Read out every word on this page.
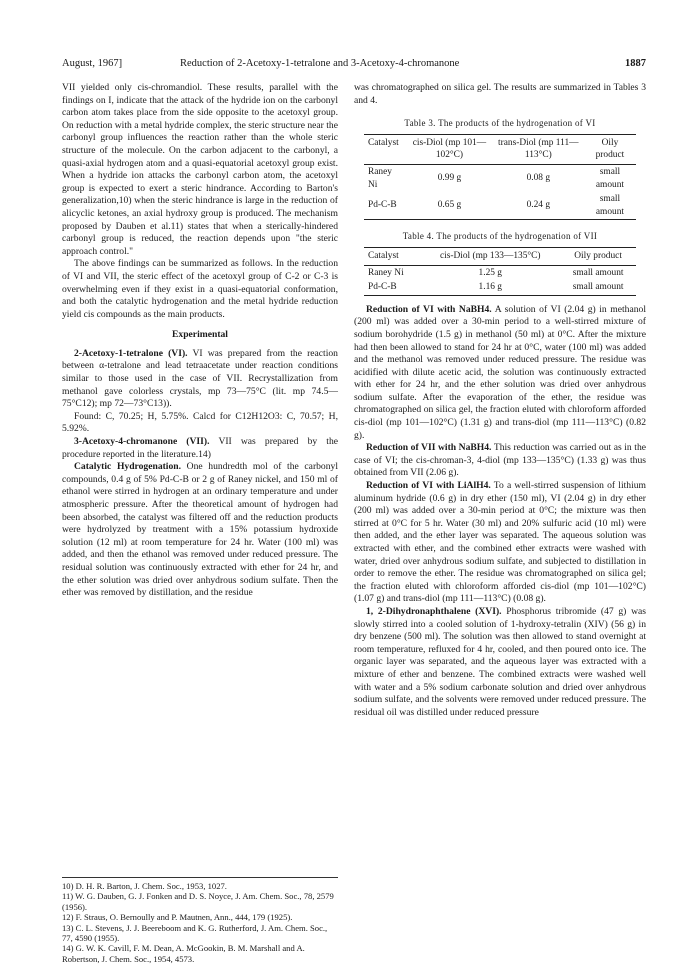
August, 1967]	Reduction of 2-Acetoxy-1-tetralone and 3-Acetoxy-4-chromanone	1887

VII yielded only cis-chromandiol. These results, parallel with the findings on I, indicate that the attack of the hydride ion on the carbonyl carbon atom takes place from the side opposite to the acetoxyl group. On reduction with a metal hydride complex, the steric structure near the carbonyl group influences the reaction rather than the whole steric structure of the molecule. On the carbon adjacent to the carbonyl, a quasi-axial hydrogen atom and a quasi-equatorial acetoxyl group exist. When a hydride ion attacks the carbonyl carbon atom, the acetoxyl group is expected to exert a steric hindrance. According to Barton's generalization,10) when the steric hindrance is large in the reduction of alicyclic ketones, an axial hydroxy group is produced. The mechanism proposed by Dauben et al.11) states that when a sterically-hindered carbonyl group is reduced, the reaction depends upon "the steric approach control."

The above findings can be summarized as follows. In the reduction of VI and VII, the steric effect of the acetoxyl group of C-2 or C-3 is overwhelming even if they exist in a quasi-equatorial conformation, and both the catalytic hydrogenation and the metal hydride reduction yield cis compounds as the main products.

Experimental

2-Acetoxy-1-tetralone (VI). VI was prepared from the reaction between α-tetralone and lead tetraacetate under reaction conditions similar to those used in the case of VII. Recrystallization from methanol gave colorless crystals, mp 73—75°C (lit. mp 74.5—75°C12); mp 72—73°C13)).

Found: C, 70.25; H, 5.75%. Calcd for C12H12O3: C, 70.57; H, 5.92%.

3-Acetoxy-4-chromanone (VII). VII was prepared by the procedure reported in the literature.14)

Catalytic Hydrogenation. One hundredth mol of the carbonyl compounds, 0.4 g of 5% Pd-C-B or 2 g of Raney nickel, and 150 ml of ethanol were stirred in hydrogen at an ordinary temperature and under atmospheric pressure. After the theoretical amount of hydrogen had been absorbed, the catalyst was filtered off and the reduction products were hydrolyzed by treatment with a 15% potassium hydroxide solution (12 ml) at room temperature for 24 hr. Water (100 ml) was added, and then the ethanol was removed under reduced pressure. The residual solution was continuously extracted with ether for 24 hr, and the ether solution was dried over anhydrous sodium sulfate. Then the ether was removed by distillation, and the residue

10) D. H. R. Barton, J. Chem. Soc., 1953, 1027.
11) W. G. Dauben, G. J. Fonken and D. S. Noyce, J. Am. Chem. Soc., 78, 2579 (1956).
12) F. Straus, O. Bernoully and P. Mautnen, Ann., 444, 179 (1925).
13) C. L. Stevens, J. J. Beereboom and K. G. Rutherford, J. Am. Chem. Soc., 77, 4590 (1955).
14) G. W. K. Cavill, F. M. Dean, A. McGookin, B. M. Marshall and A. Robertson, J. Chem. Soc., 1954, 4573.

was chromatographed on silica gel. The results are summarized in Tables 3 and 4.

Table 3. The products of the hydrogenation of VI
Catalyst	cis-Diol (mp 101—102°C)	trans-Diol (mp 111—113°C)	Oily product
Raney Ni	0.99 g	0.08 g	small amount
Pd-C-B	0.65 g	0.24 g	small amount
Table 4. The products of the hydrogenation of VII
Catalyst	cis-Diol (mp 133—135°C)	Oily product
Raney Ni	1.25 g	small amount
Pd-C-B	1.16 g	small amount

Reduction of VI with NaBH4. A solution of VI (2.04 g) in methanol (200 ml) was added over a 30-min period to a well-stirred mixture of sodium borohydride (1.5 g) in methanol (50 ml) at 0°C. After the mixture had then been allowed to stand for 24 hr at 0°C, water (100 ml) was added and the methanol was removed under reduced pressure. The residue was acidified with dilute acetic acid, the solution was continuously extracted with ether for 24 hr, and the ether solution was dried over anhydrous sodium sulfate. After the evaporation of the ether, the residue was chromatographed on silica gel, the fraction eluted with chloroform afforded cis-diol (mp 101—102°C) (1.31 g) and trans-diol (mp 111—113°C) (0.82 g).

Reduction of VII with NaBH4. This reduction was carried out as in the case of VI; the cis-chroman-3, 4-diol (mp 133—135°C) (1.33 g) was thus obtained from VII (2.06 g).

Reduction of VI with LiAlH4. To a well-stirred suspension of lithium aluminum hydride (0.6 g) in dry ether (150 ml), VI (2.04 g) in dry ether (200 ml) was added over a 30-min period at 0°C; the mixture was then stirred at 0°C for 5 hr. Water (30 ml) and 20% sulfuric acid (10 ml) were then added, and the ether layer was separated. The aqueous solution was extracted with ether, and the combined ether extracts were washed with water, dried over anhydrous sodium sulfate, and subjected to distillation in order to remove the ether. The residue was chromatographed on silica gel; the fraction eluted with chloroform afforded cis-diol (mp 101—102°C) (1.07 g) and trans-diol (mp 111—113°C) (0.08 g).

1, 2-Dihydronaphthalene (XVI). Phosphorus tribromide (47 g) was slowly stirred into a cooled solution of 1-hydroxy-tetralin (XIV) (56 g) in dry benzene (500 ml). The solution was then allowed to stand overnight at room temperature, refluxed for 4 hr, cooled, and then poured onto ice. The organic layer was separated, and the aqueous layer was extracted with a mixture of ether and benzene. The combined extracts were washed well with water and a 5% sodium carbonate solution and dried over anhydrous sodium sulfate, and the solvents were removed under reduced pressure. The residual oil was distilled under reduced pressure
